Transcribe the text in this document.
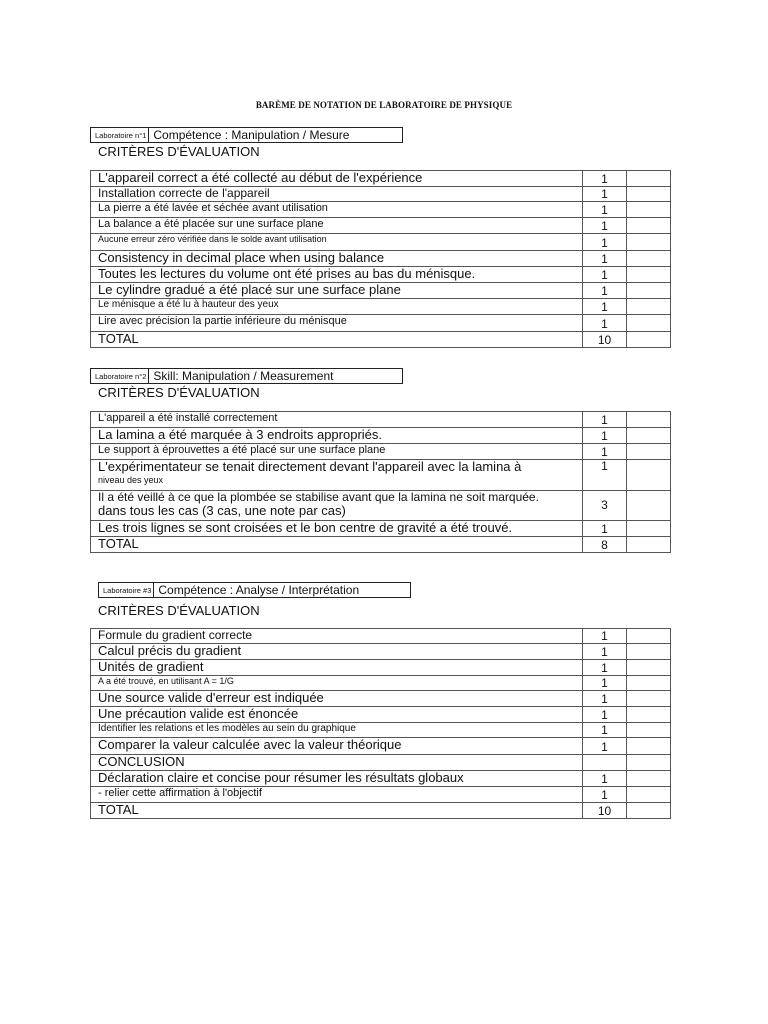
BARÈME DE NOTATION DE LABORATOIRE DE PHYSIQUE
Laboratoire n°1 Compétence : Manipulation / Mesure
CRITÈRES D'ÉVALUATION
L'appareil correct a été collecté au début de l'expérience	1	
Installation correcte de l'appareil	1	
La pierre a été lavée et séchée avant utilisation	1	
La balance a été placée sur une surface plane	1	
Aucune erreur zéro vérifiée dans le solde avant utilisation	1	
Consistency in decimal place when using balance	1	
Toutes les lectures du volume ont été prises au bas du ménisque.	1	
Le cylindre gradué a été placé sur une surface plane	1	
Le ménisque a été lu à hauteur des yeux	1	
Lire avec précision la partie inférieure du ménisque	1	
TOTAL	10	
Laboratoire n°2 Skill: Manipulation / Measurement
CRITÈRES D'ÉVALUATION
L'appareil a été installé correctement	1	
La lamina a été marquée à 3 endroits appropriés.	1	
Le support à éprouvettes a été placé sur une surface plane	1	
L'expérimentateur se tenait directement devant l'appareil avec la lamina à
niveau des yeux	1	
Il a été veillé à ce que la plombée se stabilise avant que la lamina ne soit marquée.
dans tous les cas (3 cas, une note par cas)	3	
Les trois lignes se sont croisées et le bon centre de gravité a été trouvé.	1	
TOTAL	8	
Laboratoire #3 Compétence : Analyse / Interprétation
CRITÈRES D'ÉVALUATION
Formule du gradient correcte	1	
Calcul précis du gradient	1	
Unités de gradient	1	
A a été trouvé, en utilisant A = 1/G	1	
Une source valide d'erreur est indiquée	1	
Une précaution valide est énoncée	1	
Identifier les relations et les modèles au sein du graphique	1	
Comparer la valeur calculée avec la valeur théorique	1	
CONCLUSION		
Déclaration claire et concise pour résumer les résultats globaux	1	
- relier cette affirmation à l'objectif	1	
TOTAL	10	
